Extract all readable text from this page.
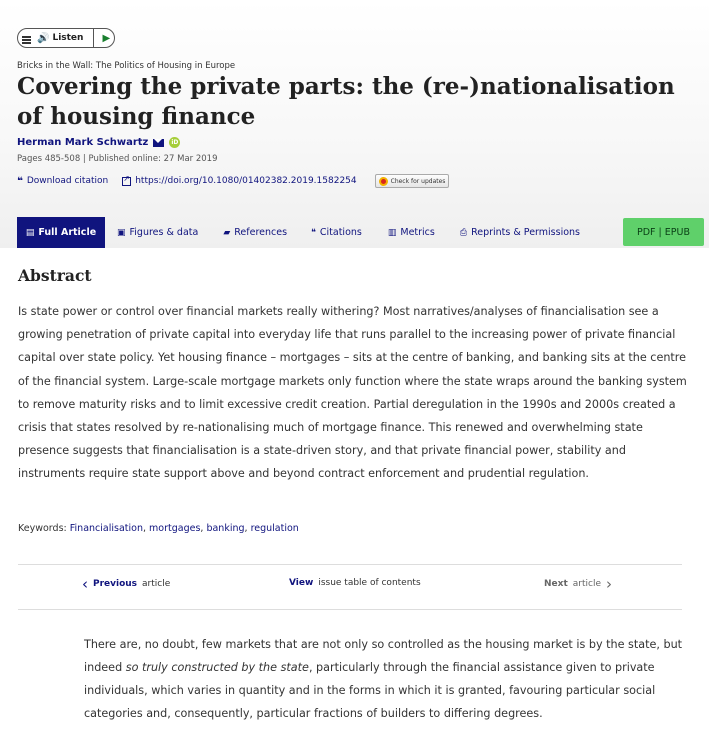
🔊 Listen ▶
Bricks in the Wall: The Politics of Housing in Europe
Covering the private parts: the (re-)nationalisation of housing finance
Herman Mark Schwartz	iD
Pages 485-508 | Published online: 27 Mar 2019
❝ Download citation
↗	https://doi.org/10.1080/01402382.2019.1582254	Check for updates
▤ Full Article ▣ Figures & data	▰ References	❝ Citations	▥ Metrics	⎙ Reprints & Permissions	PDF
|
EPUB
Abstract

Is state power or control over financial markets really withering? Most narratives/analyses of financialisation see a growing penetration of private capital into everyday life that runs parallel to the increasing power of private financial capital over state policy. Yet housing finance – mortgages – sits at the centre of banking, and banking sits at the centre of the financial system. Large-scale mortgage markets only function where the state wraps around the banking system to remove maturity risks and to limit excessive credit creation. Partial deregulation in the 1990s and 2000s created a crisis that states resolved by re-nationalising much of mortgage finance. This renewed and overwhelming state presence suggests that financialisation is a state-driven story, and that private financial power, stability and instruments require state support above and beyond contract enforcement and prudential regulation.

Keywords: Financialisation, mortgages, banking, regulation
‹ Previous article	View issue table of contents	Next article ›

There are, no doubt, few markets that are not only so controlled as the housing market is by the state, but indeed so truly constructed by the state, particularly through the financial assistance given to private individuals, which varies in quantity and in the forms in which it is granted, favouring particular social categories and, consequently, particular fractions of builders to differing degrees.
